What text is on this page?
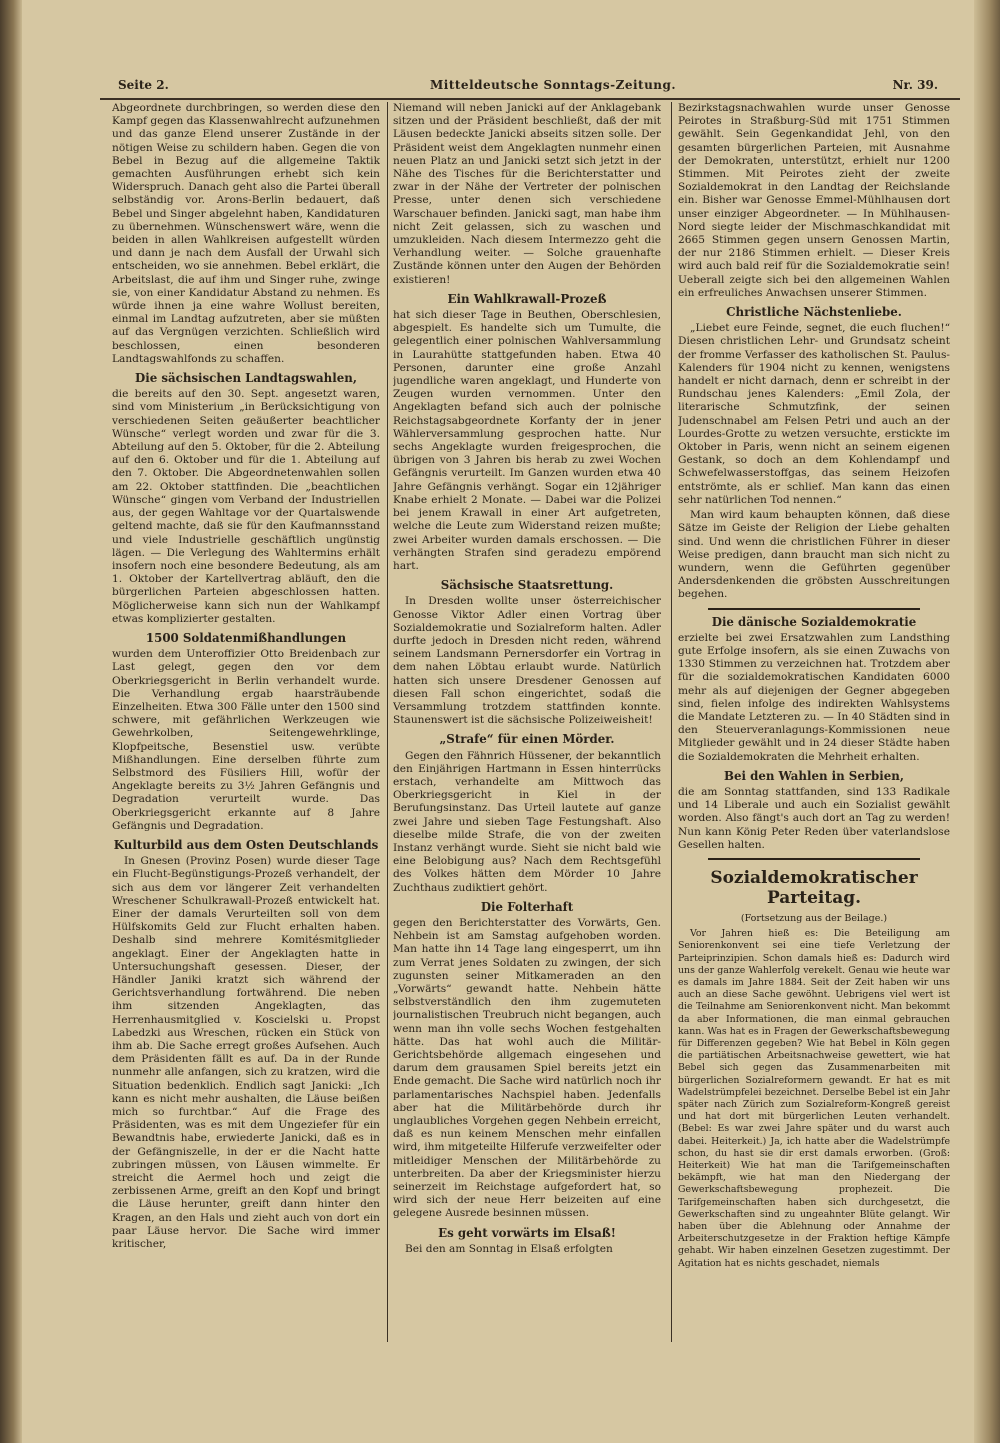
Seite 2.	Mitteldeutsche Sonntags-Zeitung.	Nr. 39.

Abgeordnete durchbringen, so werden diese den Kampf gegen das Klassenwahlrecht aufzunehmen und das ganze Elend unserer Zustände in der nötigen Weise zu schildern haben. Gegen die von Bebel in Bezug auf die allgemeine Taktik gemachten Ausführungen erhebt sich kein Widerspruch. Danach geht also die Partei überall selbständig vor. Arons-Berlin bedauert, daß Bebel und Singer abgelehnt haben, Kandidaturen zu übernehmen. Wünschenswert wäre, wenn die beiden in allen Wahlkreisen aufgestellt würden und dann je nach dem Ausfall der Urwahl sich entscheiden, wo sie annehmen. Bebel erklärt, die Arbeitslast, die auf ihm und Singer ruhe, zwinge sie, von einer Kandidatur Abstand zu nehmen. Es würde ihnen ja eine wahre Wollust bereiten, einmal im Landtag aufzutreten, aber sie müßten auf das Vergnügen verzichten. Schließlich wird beschlossen, einen besonderen Landtagswahlfonds zu schaffen.

Die sächsischen Landtagswahlen,

die bereits auf den 30. Sept. angesetzt waren, sind vom Ministerium „in Berücksichtigung von verschiedenen Seiten geäußerter beachtlicher Wünsche“ verlegt worden und zwar für die 3. Abteilung auf den 5. Oktober, für die 2. Abteilung auf den 6. Oktober und für die 1. Abteilung auf den 7. Oktober. Die Abgeordnetenwahlen sollen am 22. Oktober stattfinden. Die „beachtlichen Wünsche“ gingen vom Verband der Industriellen aus, der gegen Wahltage vor der Quartalswende geltend machte, daß sie für den Kaufmannsstand und viele Industrielle geschäftlich ungünstig lägen. — Die Verlegung des Wahltermins erhält insofern noch eine besondere Bedeutung, als am 1. Oktober der Kartellvertrag abläuft, den die bürgerlichen Parteien abgeschlossen hatten. Möglicherweise kann sich nun der Wahlkampf etwas komplizierter gestalten.

1500 Soldatenmißhandlungen

wurden dem Unteroffizier Otto Breidenbach zur Last gelegt, gegen den vor dem Oberkriegsgericht in Berlin verhandelt wurde. Die Verhandlung ergab haarsträubende Einzelheiten. Etwa 300 Fälle unter den 1500 sind schwere, mit gefährlichen Werkzeugen wie Gewehrkolben, Seitengewehrklinge, Klopfpeitsche, Besenstiel usw. verübte Mißhandlungen. Eine derselben führte zum Selbstmord des Füsiliers Hill, wofür der Angeklagte bereits zu 3½ Jahren Gefängnis und Degradation verurteilt wurde. Das Oberkriegsgericht erkannte auf 8 Jahre Gefängnis und Degradation.

Kulturbild aus dem Osten Deutschlands

In Gnesen (Provinz Posen) wurde dieser Tage ein Flucht-Begünstigungs-Prozeß verhandelt, der sich aus dem vor längerer Zeit verhandelten Wreschener Schulkrawall-Prozeß entwickelt hat. Einer der damals Verurteilten soll von dem Hülfskomits Geld zur Flucht erhalten haben. Deshalb sind mehrere Komitésmitglieder angeklagt. Einer der Angeklagten hatte in Untersuchungshaft gesessen. Dieser, der Händler Janiki kratzt sich während der Gerichtsverhandlung fortwährend. Die neben ihm sitzenden Angeklagten, das Herrenhausmitglied v. Koscielski u. Propst Labedzki aus Wreschen, rücken ein Stück von ihm ab. Die Sache erregt großes Aufsehen. Auch dem Präsidenten fällt es auf. Da in der Runde nunmehr alle anfangen, sich zu kratzen, wird die Situation bedenklich. Endlich sagt Janicki: „Ich kann es nicht mehr aushalten, die Läuse beißen mich so furchtbar.“ Auf die Frage des Präsidenten, was es mit dem Ungeziefer für ein Bewandtnis habe, erwiederte Janicki, daß es in der Gefängniszelle, in der er die Nacht hatte zubringen müssen, von Läusen wimmelte. Er streicht die Aermel hoch und zeigt die zerbissenen Arme, greift an den Kopf und bringt die Läuse herunter, greift dann hinter den Kragen, an den Hals und zieht auch von dort ein paar Läuse hervor. Die Sache wird immer kritischer,

Niemand will neben Janicki auf der Anklagebank sitzen und der Präsident beschließt, daß der mit Läusen bedeckte Janicki abseits sitzen solle. Der Präsident weist dem Angeklagten nunmehr einen neuen Platz an und Janicki setzt sich jetzt in der Nähe des Tisches für die Berichterstatter und zwar in der Nähe der Vertreter der polnischen Presse, unter denen sich verschiedene Warschauer befinden. Janicki sagt, man habe ihm nicht Zeit gelassen, sich zu waschen und umzukleiden. Nach diesem Intermezzo geht die Verhandlung weiter. — Solche grauenhafte Zustände können unter den Augen der Behörden existieren!

Ein Wahlkrawall-Prozeß

hat sich dieser Tage in Beuthen, Oberschlesien, abgespielt. Es handelte sich um Tumulte, die gelegentlich einer polnischen Wahlversammlung in Laurahütte stattgefunden haben. Etwa 40 Personen, darunter eine große Anzahl jugendliche waren angeklagt, und Hunderte von Zeugen wurden vernommen. Unter den Angeklagten befand sich auch der polnische Reichstagsabgeordnete Korfanty der in jener Wählerversammlung gesprochen hatte. Nur sechs Angeklagte wurden freigesprochen, die übrigen von 3 Jahren bis herab zu zwei Wochen Gefängnis verurteilt. Im Ganzen wurden etwa 40 Jahre Gefängnis verhängt. Sogar ein 12jähriger Knabe erhielt 2 Monate. — Dabei war die Polizei bei jenem Krawall in einer Art aufgetreten, welche die Leute zum Widerstand reizen mußte; zwei Arbeiter wurden damals erschossen. — Die verhängten Strafen sind geradezu empörend hart.

Sächsische Staatsrettung.

In Dresden wollte unser österreichischer Genosse Viktor Adler einen Vortrag über Sozialdemokratie und Sozialreform halten. Adler durfte jedoch in Dresden nicht reden, während seinem Landsmann Pernersdorfer ein Vortrag in dem nahen Löbtau erlaubt wurde. Natürlich hatten sich unsere Dresdener Genossen auf diesen Fall schon eingerichtet, sodaß die Versammlung trotzdem stattfinden konnte. Staunenswert ist die sächsische Polizeiweisheit!

„Strafe“ für einen Mörder.

Gegen den Fähnrich Hüssener, der bekanntlich den Einjährigen Hartmann in Essen hinterrücks erstach, verhandelte am Mittwoch das Oberkriegsgericht in Kiel in der Berufungsinstanz. Das Urteil lautete auf ganze zwei Jahre und sieben Tage Festungshaft. Also dieselbe milde Strafe, die von der zweiten Instanz verhängt wurde. Sieht sie nicht bald wie eine Belobigung aus? Nach dem Rechtsgefühl des Volkes hätten dem Mörder 10 Jahre Zuchthaus zudiktiert gehört.

Die Folterhaft

gegen den Berichterstatter des Vorwärts, Gen. Nehbein ist am Samstag aufgehoben worden. Man hatte ihn 14 Tage lang eingesperrt, um ihn zum Verrat jenes Soldaten zu zwingen, der sich zugunsten seiner Mitkameraden an den „Vorwärts“ gewandt hatte. Nehbein hätte selbstverständlich den ihm zugemuteten journalistischen Treubruch nicht begangen, auch wenn man ihn volle sechs Wochen festgehalten hätte. Das hat wohl auch die Militär-Gerichtsbehörde allgemach eingesehen und darum dem grausamen Spiel bereits jetzt ein Ende gemacht. Die Sache wird natürlich noch ihr parlamentarisches Nachspiel haben. Jedenfalls aber hat die Militärbehörde durch ihr unglaubliches Vorgehen gegen Nehbein erreicht, daß es nun keinem Menschen mehr einfallen wird, ihm mitgeteilte Hilferufe verzweifelter oder mitleidiger Menschen der Militärbehörde zu unterbreiten. Da aber der Kriegsminister hierzu seinerzeit im Reichstage aufgefordert hat, so wird sich der neue Herr beizeiten auf eine gelegene Ausrede besinnen müssen.

Es geht vorwärts im Elsaß!

Bei den am Sonntag in Elsaß erfolgten

Bezirkstagsnachwahlen wurde unser Genosse Peirotes in Straßburg-Süd mit 1751 Stimmen gewählt. Sein Gegenkandidat Jehl, von den gesamten bürgerlichen Parteien, mit Ausnahme der Demokraten, unterstützt, erhielt nur 1200 Stimmen. Mit Peirotes zieht der zweite Sozialdemokrat in den Landtag der Reichslande ein. Bisher war Genosse Emmel-Mühlhausen dort unser einziger Abgeordneter. — In Mühlhausen-Nord siegte leider der Mischmaschkandidat mit 2665 Stimmen gegen unsern Genossen Martin, der nur 2186 Stimmen erhielt. — Dieser Kreis wird auch bald reif für die Sozialdemokratie sein! Ueberall zeigte sich bei den allgemeinen Wahlen ein erfreuliches Anwachsen unserer Stimmen.

Christliche Nächstenliebe.

„Liebet eure Feinde, segnet, die euch fluchen!“ Diesen christlichen Lehr- und Grundsatz scheint der fromme Verfasser des katholischen St. Paulus-Kalenders für 1904 nicht zu kennen, wenigstens handelt er nicht darnach, denn er schreibt in der Rundschau jenes Kalenders: „Emil Zola, der literarische Schmutzfink, der seinen Judenschnabel am Felsen Petri und auch an der Lourdes-Grotte zu wetzen versuchte, erstickte im Oktober in Paris, wenn nicht an seinem eigenen Gestank, so doch an dem Kohlendampf und Schwefelwasserstoffgas, das seinem Heizofen entströmte, als er schlief. Man kann das einen sehr natürlichen Tod nennen.“

Man wird kaum behaupten können, daß diese Sätze im Geiste der Religion der Liebe gehalten sind. Und wenn die christlichen Führer in dieser Weise predigen, dann braucht man sich nicht zu wundern, wenn die Geführten gegenüber Andersdenkenden die gröbsten Ausschreitungen begehen.

Die dänische Sozialdemokratie

erzielte bei zwei Ersatzwahlen zum Landsthing gute Erfolge insofern, als sie einen Zuwachs von 1330 Stimmen zu verzeichnen hat. Trotzdem aber für die sozialdemokratischen Kandidaten 6000 mehr als auf diejenigen der Gegner abgegeben sind, fielen infolge des indirekten Wahlsystems die Mandate Letzteren zu. — In 40 Städten sind in den Steuerveranlagungs-Kommissionen neue Mitglieder gewählt und in 24 dieser Städte haben die Sozialdemokraten die Mehrheit erhalten.

Bei den Wahlen in Serbien,

die am Sonntag stattfanden, sind 133 Radikale und 14 Liberale und auch ein Sozialist gewählt worden. Also fängt's auch dort an Tag zu werden! Nun kann König Peter Reden über vaterlandslose Gesellen halten.

Sozialdemokratischer Parteitag.
(Fortsetzung aus der Beilage.)

Vor Jahren hieß es: Die Beteiligung am Seniorenkonvent sei eine tiefe Verletzung der Parteiprinzipien. Schon damals hieß es: Dadurch wird uns der ganze Wahlerfolg verekelt. Genau wie heute war es damals im Jahre 1884. Seit der Zeit haben wir uns auch an diese Sache gewöhnt. Uebrigens viel wert ist die Teilnahme am Seniorenkonvent nicht. Man bekommt da aber Informationen, die man einmal gebrauchen kann. Was hat es in Fragen der Gewerkschaftsbewegung für Differenzen gegeben? Wie hat Bebel in Köln gegen die partiätischen Arbeitsnachweise gewettert, wie hat Bebel sich gegen das Zusammenarbeiten mit bürgerlichen Sozialreformern gewandt. Er hat es mit Wadelstrümpfelei bezeichnet. Derselbe Bebel ist ein Jahr später nach Zürich zum Sozialreform-Kongreß gereist und hat dort mit bürgerlichen Leuten verhandelt. (Bebel: Es war zwei Jahre später und du warst auch dabei. Heiterkeit.) Ja, ich hatte aber die Wadelstrümpfe schon, du hast sie dir erst damals erworben. (Groß: Heiterkeit) Wie hat man die Tarifgemeinschaften bekämpft, wie hat man den Niedergang der Gewerkschaftsbewegung prophezeit. Die Tarifgemeinschaften haben sich durchgesetzt, die Gewerkschaften sind zu ungeahnter Blüte gelangt. Wir haben über die Ablehnung oder Annahme der Arbeiterschutzgesetze in der Fraktion heftige Kämpfe gehabt. Wir haben einzelnen Gesetzen zugestimmt. Der Agitation hat es nichts geschadet, niemals
